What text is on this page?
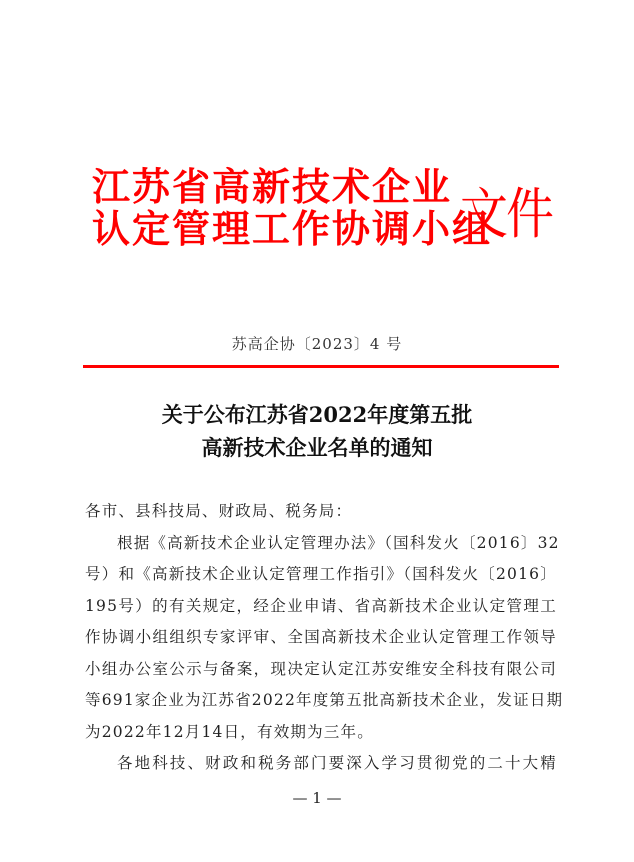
江苏省高新技术企业
认定管理工作协调小组
文件
苏高企协〔2023〕4 号
关于公布江苏省2022年度第五批
高新技术企业名单的通知

各市、县科技局、财政局、税务局：

根据《高新技术企业认定管理办法》（国科发火〔2016〕32

号）和《高新技术企业认定管理工作指引》（国科发火〔2016〕

195号）的有关规定，经企业申请、省高新技术企业认定管理工

作协调小组组织专家评审、全国高新技术企业认定管理工作领导

小组办公室公示与备案，现决定认定江苏安维安全科技有限公司

等691家企业为江苏省2022年度第五批高新技术企业，发证日期

为2022年12月14日，有效期为三年。

各地科技、财政和税务部门要深入学习贯彻党的二十大精

— 1 —
